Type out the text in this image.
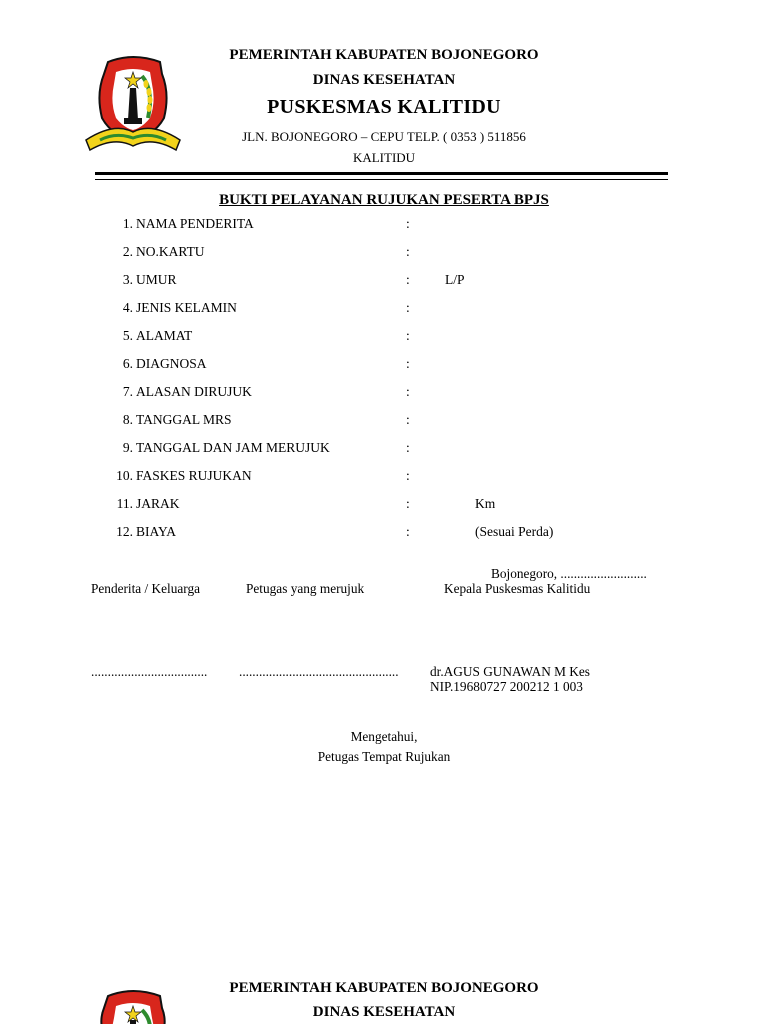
PEMERINTAH KABUPATEN BOJONEGORO
DINAS KESEHATAN
PUSKESMAS KALITIDU
JLN. BOJONEGORO – CEPU TELP. ( 0353 ) 511856
KALITIDU
BUKTI PELAYANAN RUJUKAN PESERTA BPJS
1. NAMA PENDERITA	:
2. NO.KARTU	:
3. UMUR	:	L/P
4. JENIS KELAMIN	:
5. ALAMAT	:
6. DIAGNOSA	:
7. ALASAN DIRUJUK	:
8. TANGGAL MRS	:
9. TANGGAL DAN JAM MERUJUK	:
10. FASKES RUJUKAN	:
11. JARAK	:	Km
12. BIAYA	:	(Sesuai Perda)
Bojonegoro, ..........................
Penderita / Keluarga	Petugas yang merujuk	Kepala Puskesmas Kalitidu
................................... ................................................ dr.AGUS GUNAWAN M Kes
NIP.19680727 200212 1 003
Mengetahui,
Petugas Tempat Rujukan
PEMERINTAH KABUPATEN BOJONEGORO
DINAS KESEHATAN
